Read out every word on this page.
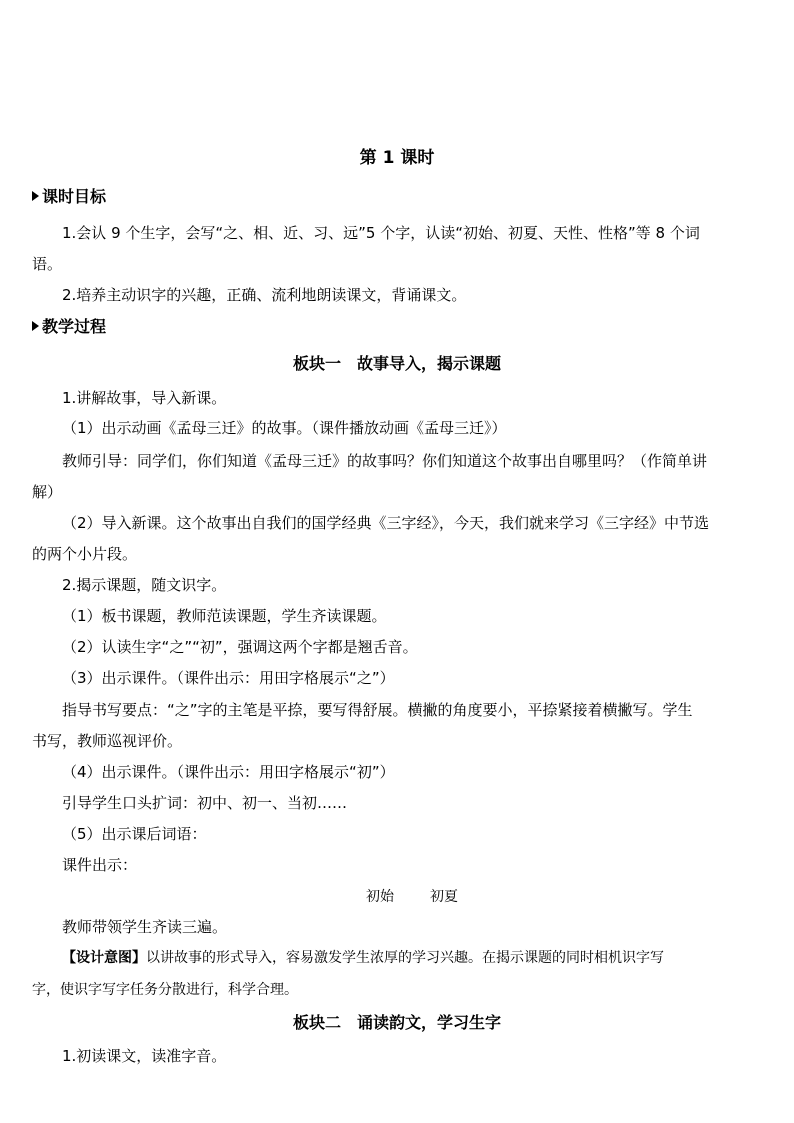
第 1 课时
课时目标
1.会认 9 个生字，会写“之、相、近、习、远”5 个字，认读“初始、初夏、天性、性格”等 8 个词
语。
2.培养主动识字的兴趣，正确、流利地朗读课文，背诵课文。
教学过程
板块一　故事导入，揭示课题
1.讲解故事，导入新课。
（1）出示动画《孟母三迁》的故事。（课件播放动画《孟母三迁》）
教师引导：同学们，你们知道《孟母三迁》的故事吗？你们知道这个故事出自哪里吗？（作简单讲
解）
（2）导入新课。这个故事出自我们的国学经典《三字经》，今天，我们就来学习《三字经》中节选
的两个小片段。
2.揭示课题，随文识字。
（1）板书课题，教师范读课题，学生齐读课题。
（2）认读生字“之”“初”，强调这两个字都是翘舌音。
（3）出示课件。（课件出示：用田字格展示“之”）
指导书写要点：“之”字的主笔是平捺，要写得舒展。横撇的角度要小，平捺紧接着横撇写。学生
书写，教师巡视评价。
（4）出示课件。（课件出示：用田字格展示“初”）
引导学生口头扩词：初中、初一、当初……
（5）出示课后词语：
课件出示：
初始	初夏
教师带领学生齐读三遍。
【设计意图】以讲故事的形式导入，容易激发学生浓厚的学习兴趣。在揭示课题的同时相机识字写
字，使识字写字任务分散进行，科学合理。
板块二　诵读韵文，学习生字
1.初读课文，读准字音。
